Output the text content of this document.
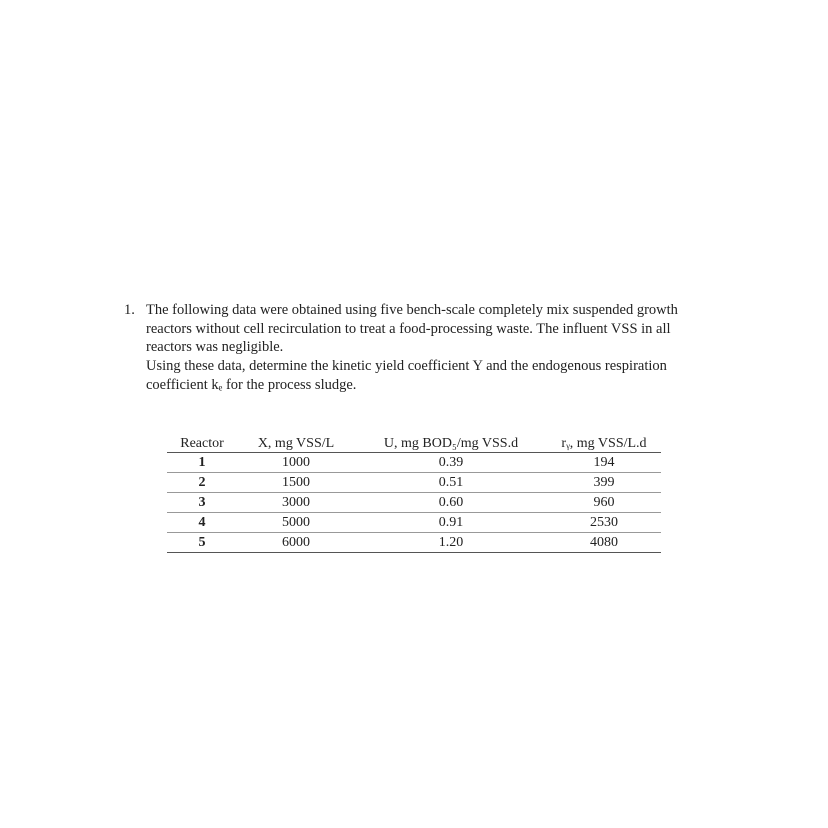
1. The following data were obtained using five bench-scale completely mix suspended growth
reactors without cell recirculation to treat a food-processing waste. The influent VSS in all
reactors was negligible.
Using these data, determine the kinetic yield coefficient Y and the endogenous respiration
coefficient kₑ for the process sludge.
Reactor	X, mg VSS/L	U, mg BOD₅/mg VSS.d	rᵧ, mg VSS/L.d
1	1000	0.39	194
2	1500	0.51	399
3	3000	0.60	960
4	5000	0.91	2530
5	6000	1.20	4080
